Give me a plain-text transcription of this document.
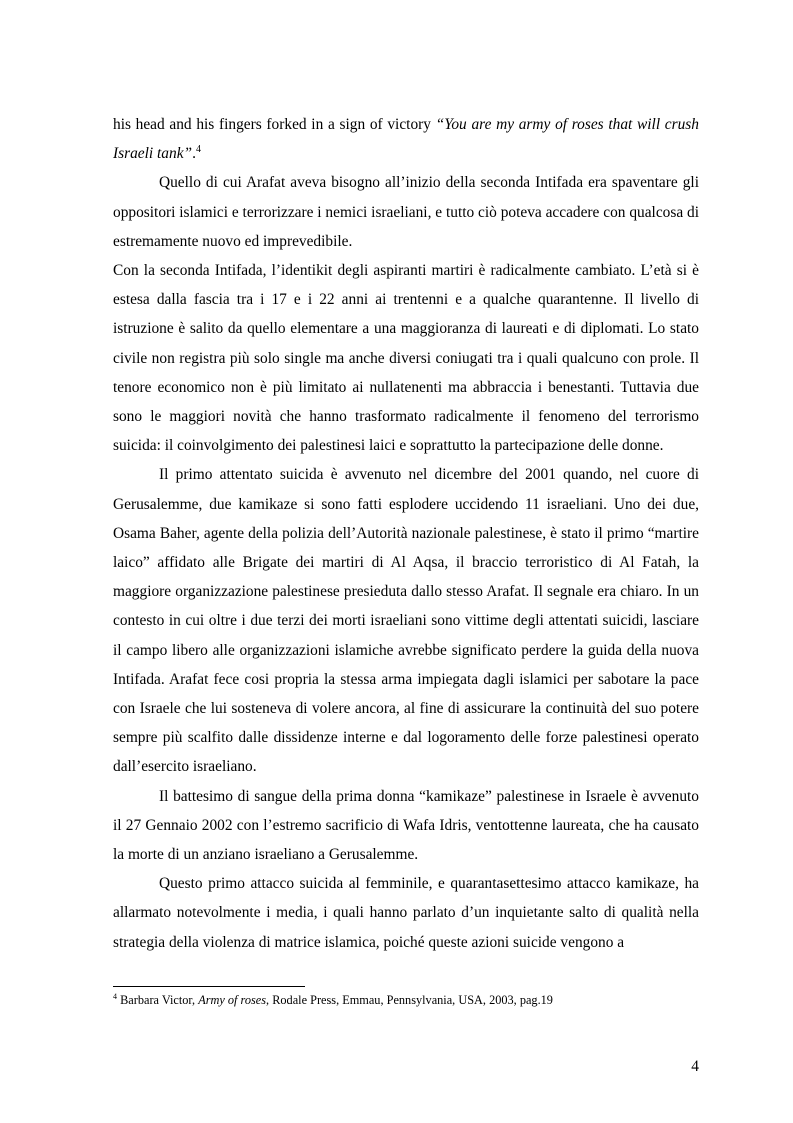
his head and his fingers forked in a sign of victory “You are my army of roses that will crush Israeli tank”.$^4$

Quello di cui Arafat aveva bisogno all’inizio della seconda Intifada era spaventare gli oppositori islamici e terrorizzare i nemici israeliani, e tutto ciò poteva accadere con qualcosa di estremamente nuovo ed imprevedibile.

Con la seconda Intifada, l’identikit degli aspiranti martiri è radicalmente cambiato. L’età si è estesa dalla fascia tra i 17 e i 22 anni ai trentenni e a qualche quarantenne. Il livello di istruzione è salito da quello elementare a una maggioranza di laureati e di diplomati. Lo stato civile non registra più solo single ma anche diversi coniugati tra i quali qualcuno con prole. Il tenore economico non è più limitato ai nullatenenti ma abbraccia i benestanti. Tuttavia due sono le maggiori novità che hanno trasformato radicalmente il fenomeno del terrorismo suicida: il coinvolgimento dei palestinesi laici e soprattutto la partecipazione delle donne.

Il primo attentato suicida è avvenuto nel dicembre del 2001 quando, nel cuore di Gerusalemme, due kamikaze si sono fatti esplodere uccidendo 11 israeliani. Uno dei due, Osama Baher, agente della polizia dell’Autorità nazionale palestinese, è stato il primo “martire laico” affidato alle Brigate dei martiri di Al Aqsa, il braccio terroristico di Al Fatah, la maggiore organizzazione palestinese presieduta dallo stesso Arafat. Il segnale era chiaro. In un contesto in cui oltre i due terzi dei morti israeliani sono vittime degli attentati suicidi, lasciare il campo libero alle organizzazioni islamiche avrebbe significato perdere la guida della nuova Intifada. Arafat fece cosi propria la stessa arma impiegata dagli islamici per sabotare la pace con Israele che lui sosteneva di volere ancora, al fine di assicurare la continuità del suo potere sempre più scalfito dalle dissidenze interne e dal logoramento delle forze palestinesi operato dall’esercito israeliano.

Il battesimo di sangue della prima donna “kamikaze” palestinese in Israele è avvenuto il 27 Gennaio 2002 con l’estremo sacrificio di Wafa Idris, ventottenne laureata, che ha causato la morte di un anziano israeliano a Gerusalemme.

Questo primo attacco suicida al femminile, e quarantasettesimo attacco kamikaze, ha allarmato notevolmente i media, i quali hanno parlato d’un inquietante salto di qualità nella strategia della violenza di matrice islamica, poiché queste azioni suicide vengono a

$^4$ Barbara Victor, Army of roses, Rodale Press, Emmau, Pennsylvania, USA, 2003, pag.19
4
